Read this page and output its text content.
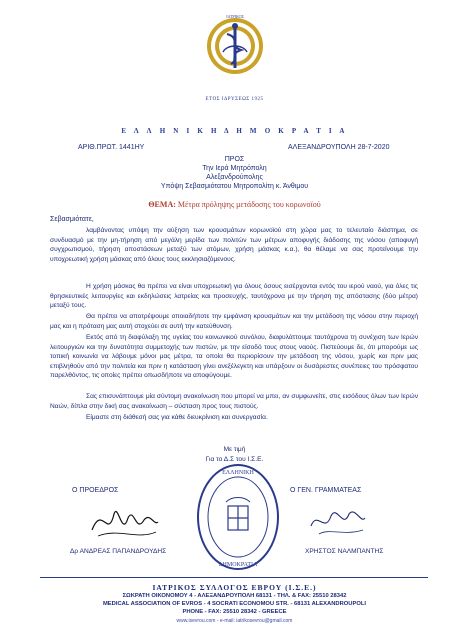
ΙΑΤΡΙΚΟΣ
ΕΤΟΣ ΙΔΡΥΣΕΩΣ 1925
Ε Λ Λ Η Ν Ι Κ Η Δ Η Μ Ο Κ Ρ Α Τ Ι Α
ΑΡΙΘ.ΠΡΩΤ. 1441ΗΥ	ΑΛΕΞΑΝΔΡΟΥΠΟΛΗ 28-7-2020
ΠΡΟΣ
Την Ιερά Μητρόπολη
Αλεξανδρούπολης
Υπόψη Σεβασμιότατου Μητροπολίτη κ. Άνθιμου
ΘΕΜΑ: Μέτρα πρόληψης μετάδοσης του κορωνοϊού
Σεβασμιότατε,
λαμβάνοντας υπόψη την αύξηση των κρουσμάτων κορωνοϊού στη χώρα μας το τελευταίο διάστημα, σε συνδυασμό με την μη-τήρηση από μεγάλη μερίδα των πολιτών των μέτρων αποφυγής διάδοσης της νόσου (αποφυγή συγχρωτισμού, τήρηση αποστάσεων μεταξύ των ατόμων, χρήση μάσκας κ.α.), θα θέλαμε να σας προτείνουμε την υποχρεωτική χρήση μάσκας από όλους τους εκκλησιαζόμενους.
Η χρήση μάσκας θα πρέπει να είναι υποχρεωτική για όλους όσους εισέρχονται εντός του ιερού ναού, για όλες τις θρησκευτικές λειτουργίες και εκδηλώσεις λατρείας και προσευχής, ταυτόχρονα με την τήρηση της απόστασης (δύο μέτρα) μεταξύ τους.
Θα πρέπει να αποτρέψουμε οποιαδήποτε την εμφάνιση κρουσμάτων και την μετάδοση της νόσου στην περιοχή μας και η πρόταση μας αυτή στοχεύει σε αυτή την κατεύθυνση.
Εκτός από τη διαφύλαξη της υγείας του κοινωνικού συνόλου, διαφυλάττουμε ταυτόχρονα τη συνέχιση των Ιερών λειτουργιών και την δυνατότητα συμμετοχής των πιστών, με την είσοδό τους στους ναούς. Πιστεύουμε δε, ότι μπορούμε ως τοπική κοινωνία να λάβουμε μόνοι μας μέτρα, τα οποία θα περιορίσουν την μετάδοση της νόσου, χωρίς και πριν μας επιβληθούν από την πολιτεία και πριν η κατάσταση γίνει ανεξέλεγκτη και υπάρξουν οι δυσάρεστες συνέπειες του πρόσφατου παρελθόντος, τις οποίες πρέπει οπωσδήποτε να αποφύγουμε.
Σας επισυνάπτουμε μία σύντομη ανακοίνωση που μπορεί να μπει, αν συμφωνείτε, στις εισόδους όλων των Ιερών Ναών, δίπλα στην δική σας ανακοίνωση – σύσταση προς τους πιστούς.
Είμαστε στη διάθεσή σας για κάθε διευκρίνιση και συνεργασία.
Με τιμή
Για το Δ.Σ του Ι.Σ.Ε.
Ο ΠΡΟΕΔΡΟΣ	Ο ΓΕΝ. ΓΡΑΜΜΑΤΕΑΣ
ΕΛΛΗΝΙΚΗ
ΔΗΜΟΚΡΑΤΙΑ
Δρ ΑΝΔΡΕΑΣ ΠΑΠΑΝΔΡΟΥΔΗΣ	ΧΡΗΣΤΟΣ ΝΑΛΜΠΑΝΤΗΣ
ΙΑΤΡΙΚΟΣ ΣΥΛΛΟΓΟΣ ΕΒΡΟΥ (Ι.Σ.Ε.)
ΣΩΚΡΑΤΗ ΟΙΚΟΝΟΜΟΥ 4 - ΑΛΕΞΑΝΔΡΟΥΠΟΛΗ 68131 - ΤΗΛ. & FAX: 25510 28342
MEDICAL ASSOCIATION OF EVROS - 4 SOCRATI ECONOMOU STR. - 68131 ALEXANDROUPOLI
PHONE - FAX: 25510 28342 - GREECE
www.isevrou.com - e-mail: iatrikosevrou@gmail.com
